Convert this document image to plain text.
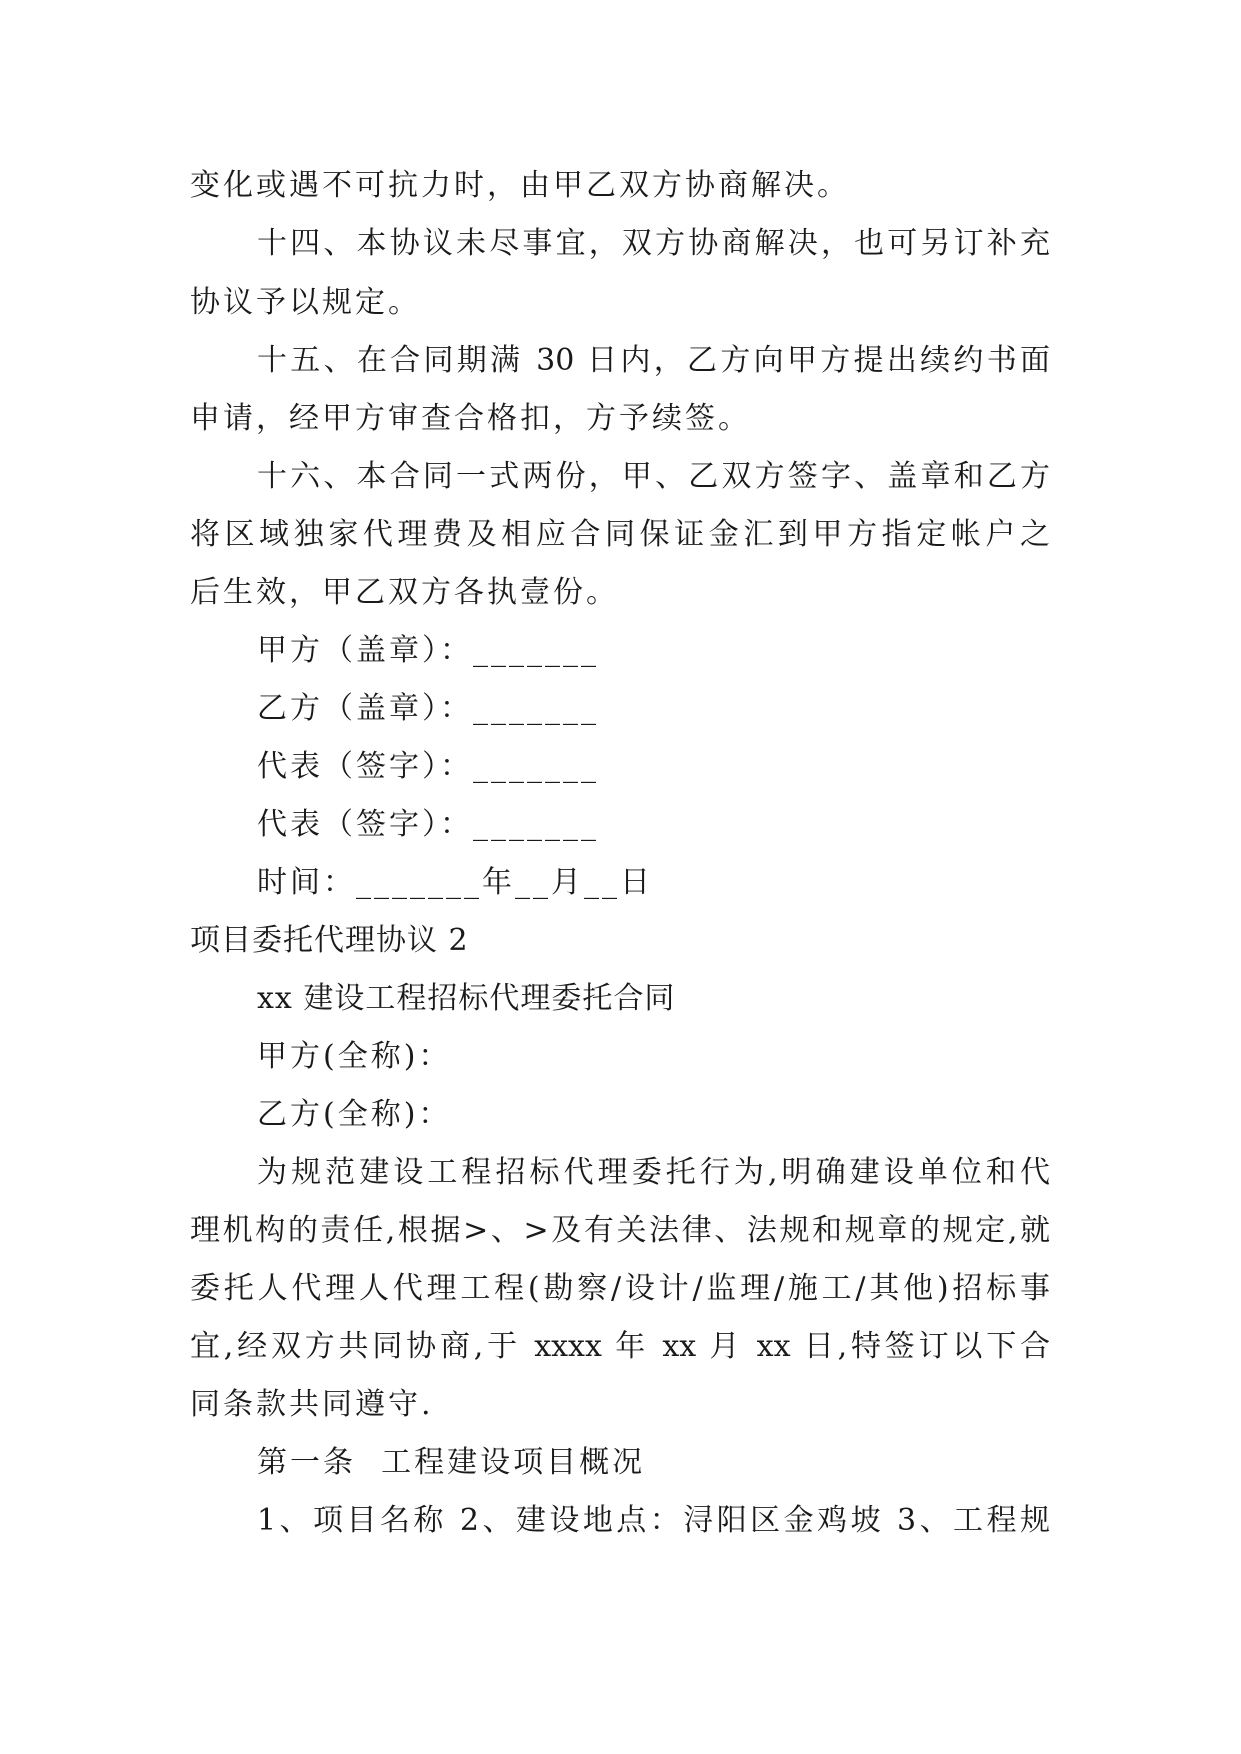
变化或遇不可抗力时，由甲乙双方协商解决。
十四、本协议未尽事宜，双方协商解决，也可另订补充
协议予以规定。
十五、在合同期满 30 日内，乙方向甲方提出续约书面
申请，经甲方审查合格扣，方予续签。
十六、本合同一式两份，甲、乙双方签字、盖章和乙方
将区域独家代理费及相应合同保证金汇到甲方指定帐户之
后生效，甲乙双方各执壹份。
甲方（盖章）：_______
乙方（盖章）：_______
代表（签字）：_______
代表（签字）：_______
时间：_______年__月__日
项目委托代理协议 2
xx 建设工程招标代理委托合同
甲方(全称)：
乙方(全称)：
为规范建设工程招标代理委托行为,明确建设单位和代
理机构的责任,根据>、>及有关法律、法规和规章的规定,就
委托人代理人代理工程(勘察/设计/监理/施工/其他)招标事
宜,经双方共同协商,于 xxxx 年 xx 月 xx 日,特签订以下合
同条款共同遵守.
第一条  工程建设项目概况
1、项目名称 2、建设地点：浔阳区金鸡坡 3、工程规
